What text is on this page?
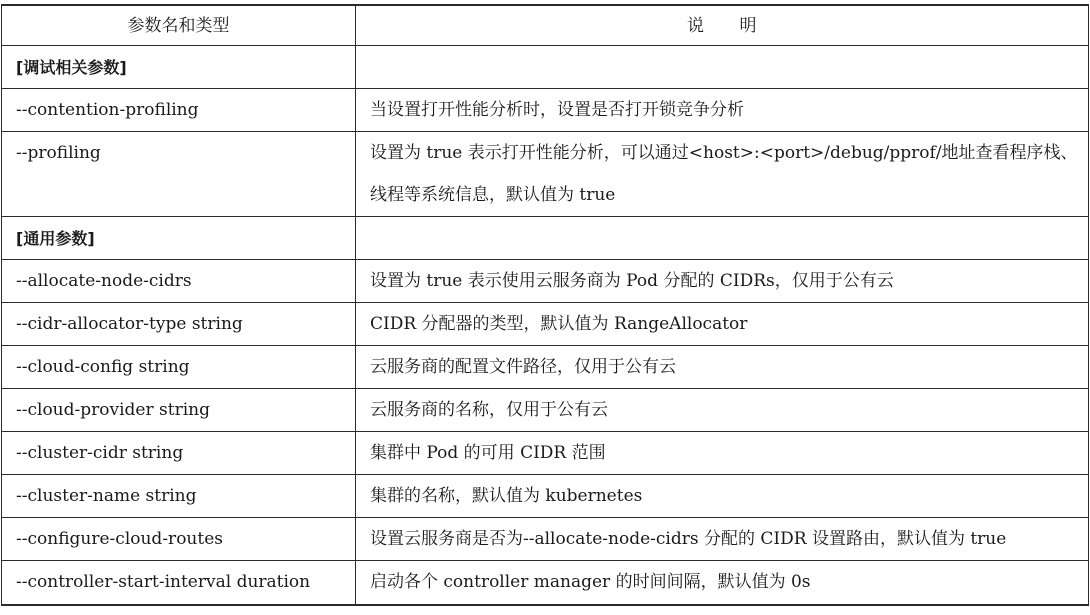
参数名和类型	说　　明
[调试相关参数]	
--contention-profiling	当设置打开性能分析时，设置是否打开锁竞争分析
--profiling	设置为 true 表示打开性能分析，可以通过<host>:<port>/debug/pprof/地址查看程序栈、线程等系统信息，默认值为 true
[通用参数]	
--allocate-node-cidrs	设置为 true 表示使用云服务商为 Pod 分配的 CIDRs，仅用于公有云
--cidr-allocator-type string	CIDR 分配器的类型，默认值为 RangeAllocator
--cloud-config string	云服务商的配置文件路径，仅用于公有云
--cloud-provider string	云服务商的名称，仅用于公有云
--cluster-cidr string	集群中 Pod 的可用 CIDR 范围
--cluster-name string	集群的名称，默认值为 kubernetes
--configure-cloud-routes	设置云服务商是否为--allocate-node-cidrs 分配的 CIDR 设置路由，默认值为 true
--controller-start-interval duration	启动各个 controller manager 的时间间隔，默认值为 0s
